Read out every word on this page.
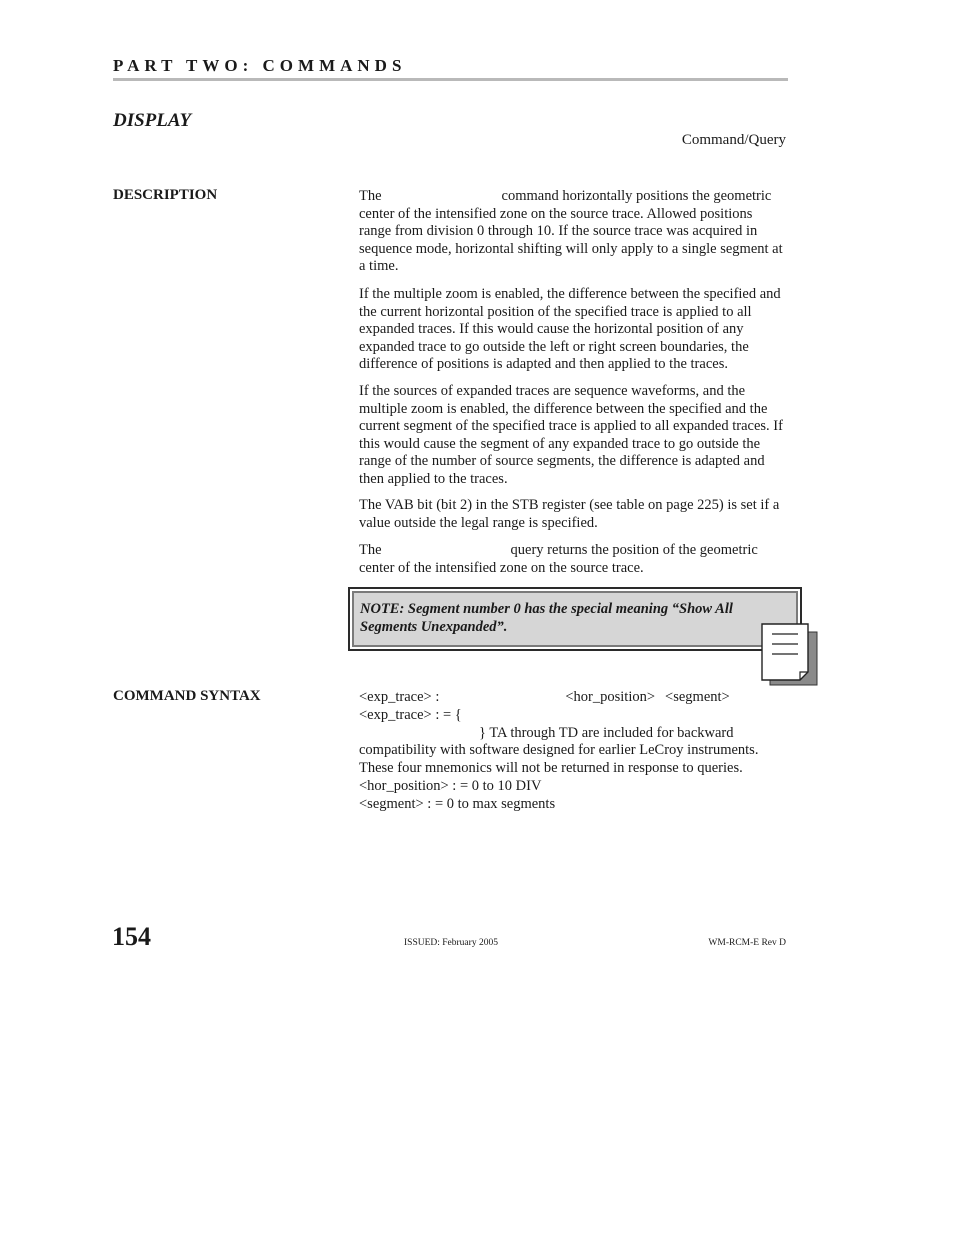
PART TWO: COMMANDS
DISPLAY
Command/Query
DESCRIPTION	The	command horizontally positions the geometric center of the intensified zone on the source trace. Allowed positions range from division 0 through 10. If the source trace was acquired in sequence mode, horizontal shifting will only apply to a single segment at a time.
If the multiple zoom is enabled, the difference between the specified and the current horizontal position of the specified trace is applied to all expanded traces. If this would cause the horizontal position of any expanded trace to go outside the left or right screen boundaries, the difference of positions is adapted and then applied to the traces.
If the sources of expanded traces are sequence waveforms, and the multiple zoom is enabled, the difference between the specified and the current segment of the specified trace is applied to all expanded traces. If this would cause the segment of any expanded trace to go outside the range of the number of source segments, the difference is adapted and then applied to the traces.
The VAB bit (bit 2) in the STB register (see table on page 225) is set if a value outside the legal range is specified.
The	query returns the position of the geometric center of the intensified zone on the source trace.
NOTE: Segment number 0 has the special meaning “Show All Segments Unexpanded”.
COMMAND SYNTAX	<exp_trace> :	<hor_position> <segment>
<exp_trace> : = {
} TA through TD are included for backward
compatibility with software designed for earlier LeCroy instruments.
These four mnemonics will not be returned in response to queries.
<hor_position> : = 0 to 10 DIV
<segment> : = 0 to max segments
154	ISSUED: February 2005	WM-RCM-E Rev D
